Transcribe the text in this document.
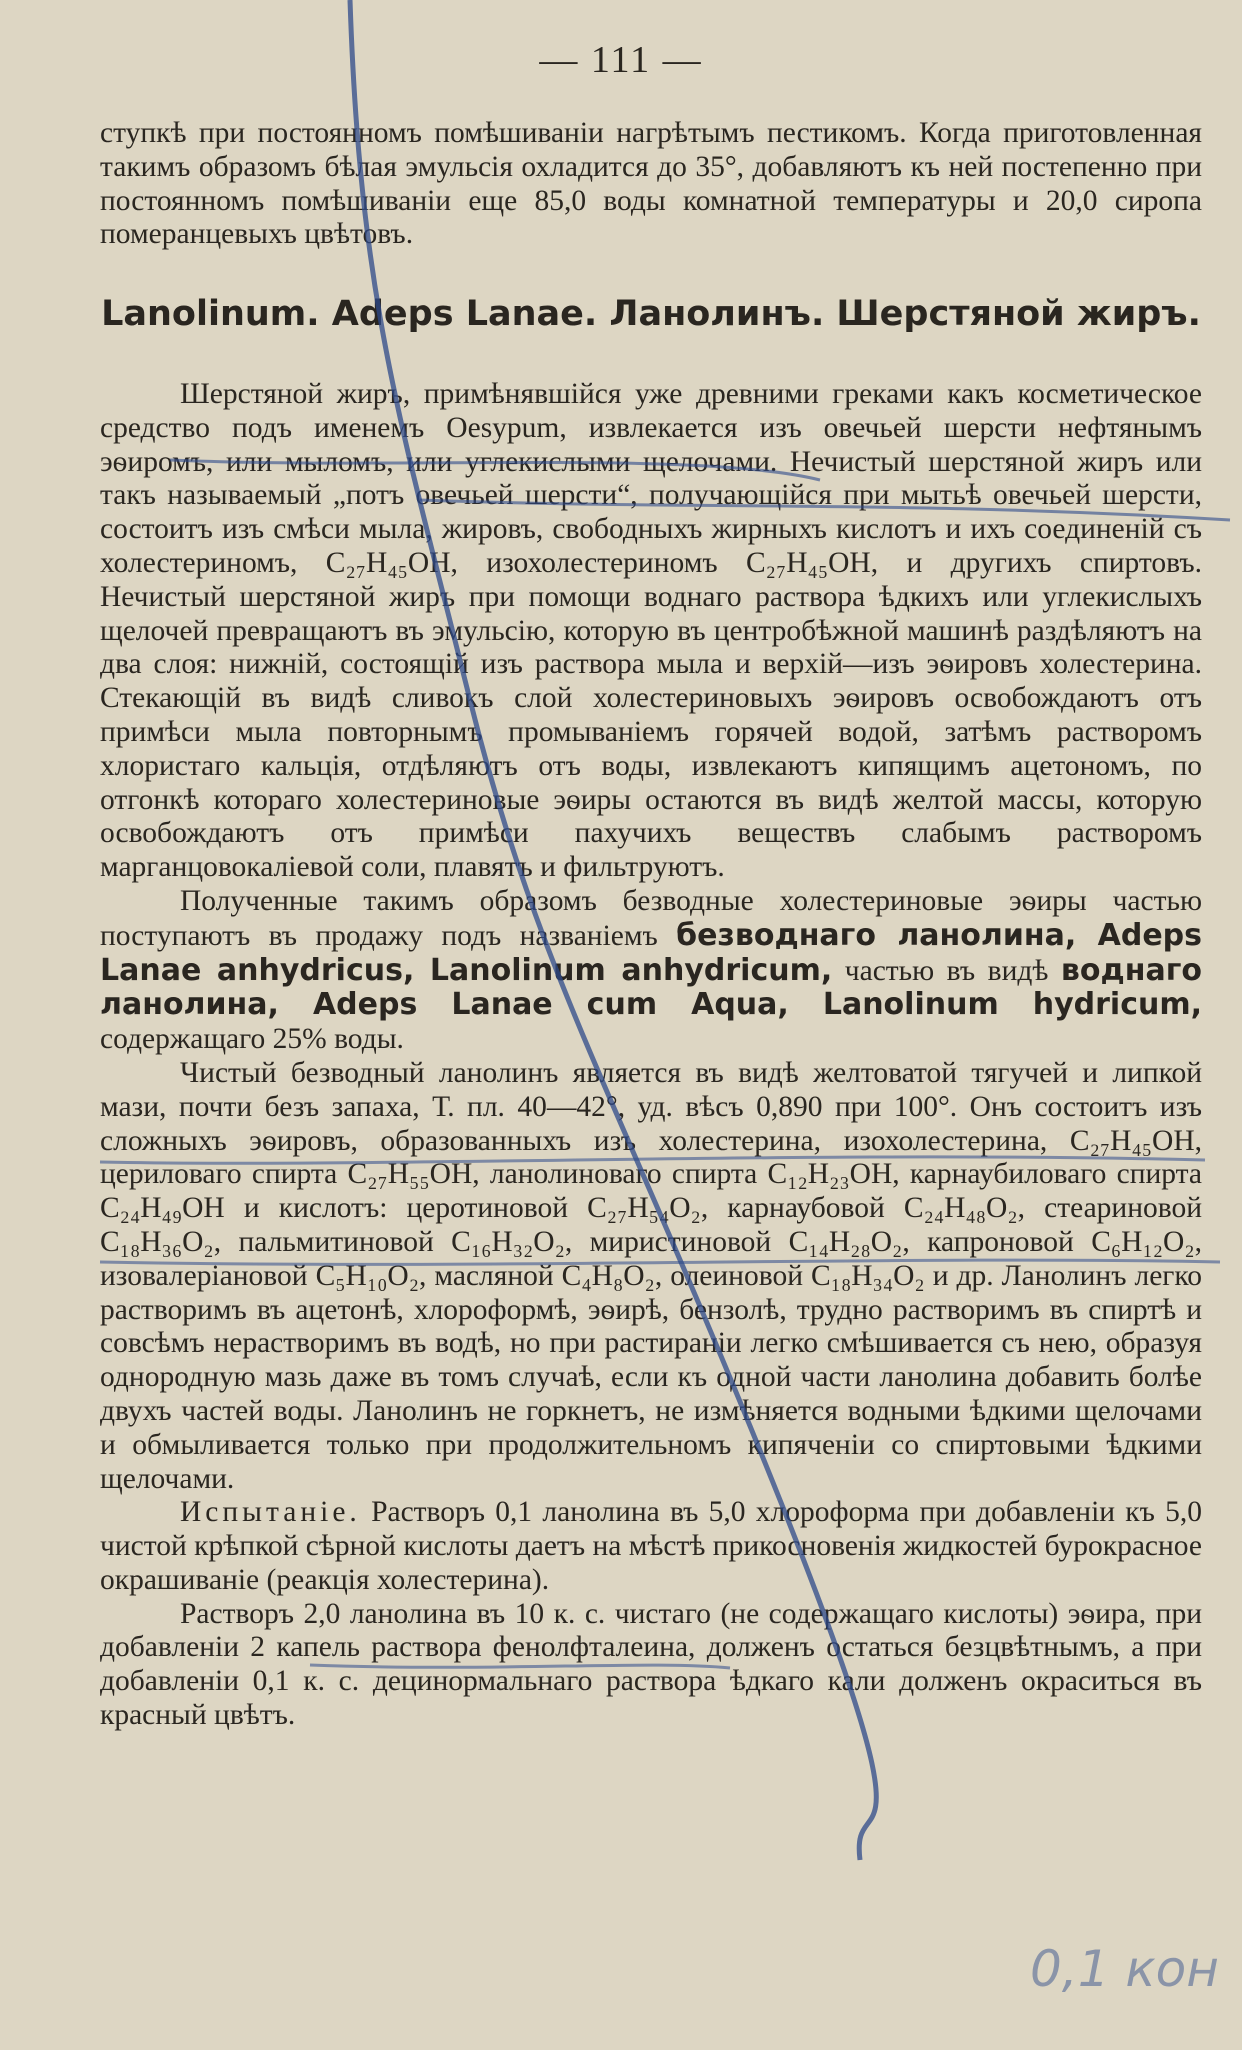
— 111 —

ступкѣ при постоянномъ помѣшиваніи нагрѣтымъ пестикомъ. Когда приготовленная такимъ образомъ бѣлая эмульсія охладится до 35°, добавляютъ къ ней постепенно при постоянномъ помѣшиваніи еще 85,0 воды комнатной температуры и 20,0 сиропа померанцевыхъ цвѣтовъ.

Lanolinum. Adeps Lanae. Ланолинъ. Шерстяной жиръ.

Шерстяной жиръ, примѣнявшійся уже древними греками какъ косметическое средство подъ именемъ Оesypum, извлекается изъ овечьей шерсти нефтянымъ эѳиромъ, или мыломъ, или углекислыми щелочами. Нечистый шерстяной жиръ или такъ называемый „потъ овечьей шерсти“, получающійся при мытьѣ овечьей шерсти, состоитъ изъ смѣси мыла, жировъ, свободныхъ жирныхъ кислотъ и ихъ соединеній съ холестериномъ, C₂₇H₄₅OH, изохолестериномъ C₂₇H₄₅OH, и другихъ спиртовъ. Нечистый шерстяной жиръ при помощи воднаго раствора ѣдкихъ или углекислыхъ щелочей превращаютъ въ эмульсію, которую въ центробѣжной машинѣ раздѣляютъ на два слоя: нижній, состоящій изъ раствора мыла и верхій—изъ эѳировъ холестерина. Стекающій въ видѣ сливокъ слой холестериновыхъ эѳировъ освобождаютъ отъ примѣси мыла повторнымъ промываніемъ горячей водой, затѣмъ растворомъ хлористаго кальція, отдѣляютъ отъ воды, извлекаютъ кипящимъ ацетономъ, по отгонкѣ котораго холестериновые эѳиры остаются въ видѣ желтой массы, которую освобождаютъ отъ примѣси пахучихъ веществъ слабымъ растворомъ марганцовокаліевой соли, плавятъ и фильтруютъ.

Полученные такимъ образомъ безводные холестериновые эѳиры частью поступаютъ въ продажу подъ названіемъ безводнаго ланолина, Adeps Lanae anhydricus, Lanolinum anhydricum, частью въ видѣ воднаго ланолина, Adeps Lanae cum Aqua, Lanolinum hydricum, содержащаго 25% воды.

Чистый безводный ланолинъ является въ видѣ желтоватой тягучей и липкой мази, почти безъ запаха, Т. пл. 40—42°, уд. вѣсъ 0,890 при 100°. Онъ состоитъ изъ сложныхъ эѳировъ, образованныхъ изъ холестерина, изохолестерина, C₂₇H₄₅OH, цериловаго спирта C₂₇H₅₅OH, ланолиноваго спирта C₁₂H₂₃OH, карнаубиловаго спирта C₂₄H₄₉OH и кислотъ: церотиновой C₂₇H₅₄O₂, карнаубовой C₂₄H₄₈O₂, стеариновой C₁₈H₃₆O₂, пальмитиновой C₁₆H₃₂O₂, миристиновой C₁₄H₂₈O₂, капроновой C₆H₁₂O₂, изовалеріановой C₅H₁₀O₂, масляной C₄H₈O₂, олеиновой C₁₈H₃₄O₂ и др. Ланолинъ легко растворимъ въ ацетонѣ, хлороформѣ, эѳирѣ, бензолѣ, трудно растворимъ въ спиртѣ и совсѣмъ нерастворимъ въ водѣ, но при растираніи легко смѣшивается съ нею, образуя однородную мазь даже въ томъ случаѣ, если къ одной части ланолина добавить болѣе двухъ частей воды. Ланолинъ не горкнетъ, не измѣняется водными ѣдкими щелочами и обмыливается только при продолжительномъ кипяченіи со спиртовыми ѣдкими щелочами.

Испытаніе. Растворъ 0,1 ланолина въ 5,0 хлороформа при добавленіи къ 5,0 чистой крѣпкой сѣрной кислоты даетъ на мѣстѣ прикосновенія жидкостей бурокрасное окрашиваніе (реакція холестерина).

Растворъ 2,0 ланолина въ 10 к. с. чистаго (не содержащаго кислоты) эѳира, при добавленіи 2 капель раствора фенолфталеина, долженъ остаться безцвѣтнымъ, а при добавленіи 0,1 к. с. децинормальнаго раствора ѣдкаго кали долженъ окраситься въ красный цвѣтъ.

0,1 кон
